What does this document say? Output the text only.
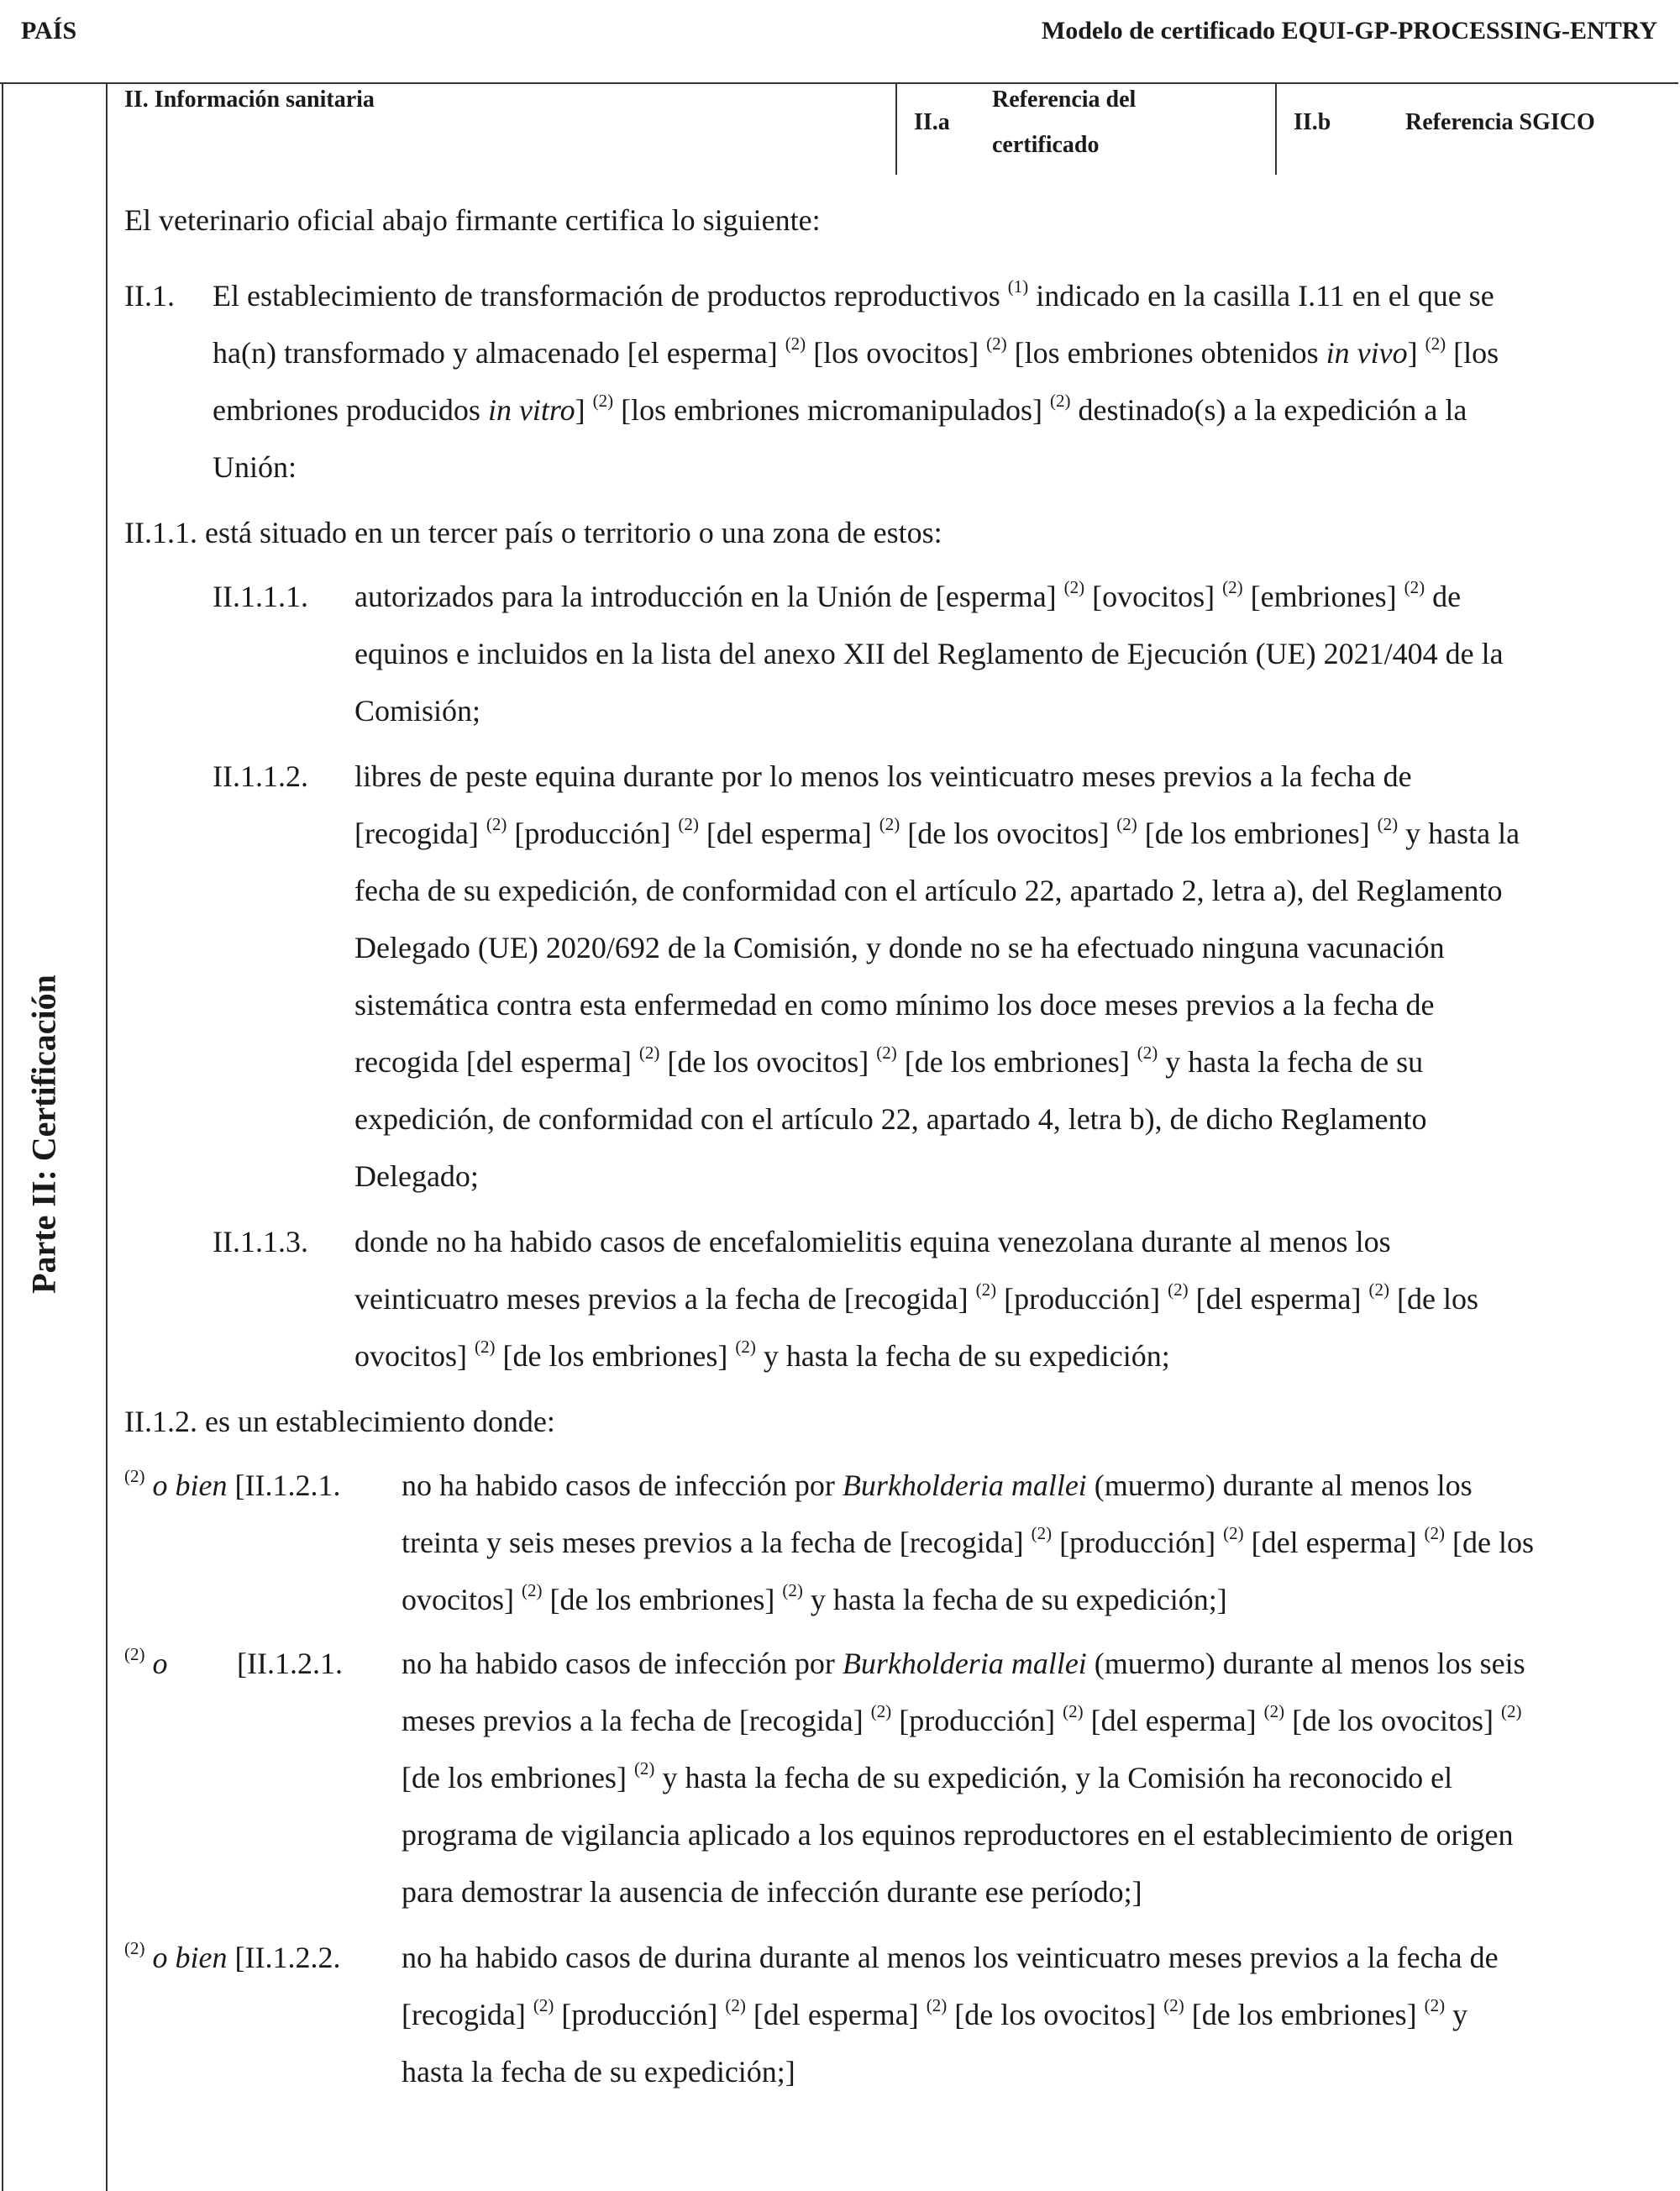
PAÍS	Modelo de certificado EQUI-GP-PROCESSING-ENTRY
Parte II: Certificación
II. Información sanitaria
II.a
Referencia del
certificado
II.b	Referencia SGICO
El veterinario oficial abajo firmante certifica lo siguiente:
II.1. El establecimiento de transformación de productos reproductivos $^{(1)}$ indicado en la casilla I.11 en el que se
ha(n) transformado y almacenado [el esperma] $^{(2)}$ [los ovocitos] $^{(2)}$ [los embriones obtenidos in vivo] $^{(2)}$ [los
embriones producidos in vitro] $^{(2)}$ [los embriones micromanipulados] $^{(2)}$ destinado(s) a la expedición a la
Unión:
II.1.1. está situado en un tercer país o territorio o una zona de estos:
II.1.1.1. autorizados para la introducción en la Unión de [esperma] $^{(2)}$ [ovocitos] $^{(2)}$ [embriones] $^{(2)}$ de
equinos e incluidos en la lista del anexo XII del Reglamento de Ejecución (UE) 2021/404 de la
Comisión;
II.1.1.2. libres de peste equina durante por lo menos los veinticuatro meses previos a la fecha de
[recogida] $^{(2)}$ [producción] $^{(2)}$ [del esperma] $^{(2)}$ [de los ovocitos] $^{(2)}$ [de los embriones] $^{(2)}$ y hasta la
fecha de su expedición, de conformidad con el artículo 22, apartado 2, letra a), del Reglamento
Delegado (UE) 2020/692 de la Comisión, y donde no se ha efectuado ninguna vacunación
sistemática contra esta enfermedad en como mínimo los doce meses previos a la fecha de
recogida [del esperma] $^{(2)}$ [de los ovocitos] $^{(2)}$ [de los embriones] $^{(2)}$ y hasta la fecha de su
expedición, de conformidad con el artículo 22, apartado 4, letra b), de dicho Reglamento
Delegado;
II.1.1.3. donde no ha habido casos de encefalomielitis equina venezolana durante al menos los
veinticuatro meses previos a la fecha de [recogida] $^{(2)}$ [producción] $^{(2)}$ [del esperma] $^{(2)}$ [de los
ovocitos] $^{(2)}$ [de los embriones] $^{(2)}$ y hasta la fecha de su expedición;
II.1.2. es un establecimiento donde:
$^{(2)}$ o bien [II.1.2.1. no ha habido casos de infección por Burkholderia mallei (muermo) durante al menos los
treinta y seis meses previos a la fecha de [recogida] $^{(2)}$ [producción] $^{(2)}$ [del esperma] $^{(2)}$ [de los
ovocitos] $^{(2)}$ [de los embriones] $^{(2)}$ y hasta la fecha de su expedición;]
$^{(2)}$ o [II.1.2.1. no ha habido casos de infección por Burkholderia mallei (muermo) durante al menos los seis
meses previos a la fecha de [recogida] $^{(2)}$ [producción] $^{(2)}$ [del esperma] $^{(2)}$ [de los ovocitos] $^{(2)}$
[de los embriones] $^{(2)}$ y hasta la fecha de su expedición, y la Comisión ha reconocido el
programa de vigilancia aplicado a los equinos reproductores en el establecimiento de origen
para demostrar la ausencia de infección durante ese período;]
$^{(2)}$ o bien [II.1.2.2. no ha habido casos de durina durante al menos los veinticuatro meses previos a la fecha de
[recogida] $^{(2)}$ [producción] $^{(2)}$ [del esperma] $^{(2)}$ [de los ovocitos] $^{(2)}$ [de los embriones] $^{(2)}$ y
hasta la fecha de su expedición;]
